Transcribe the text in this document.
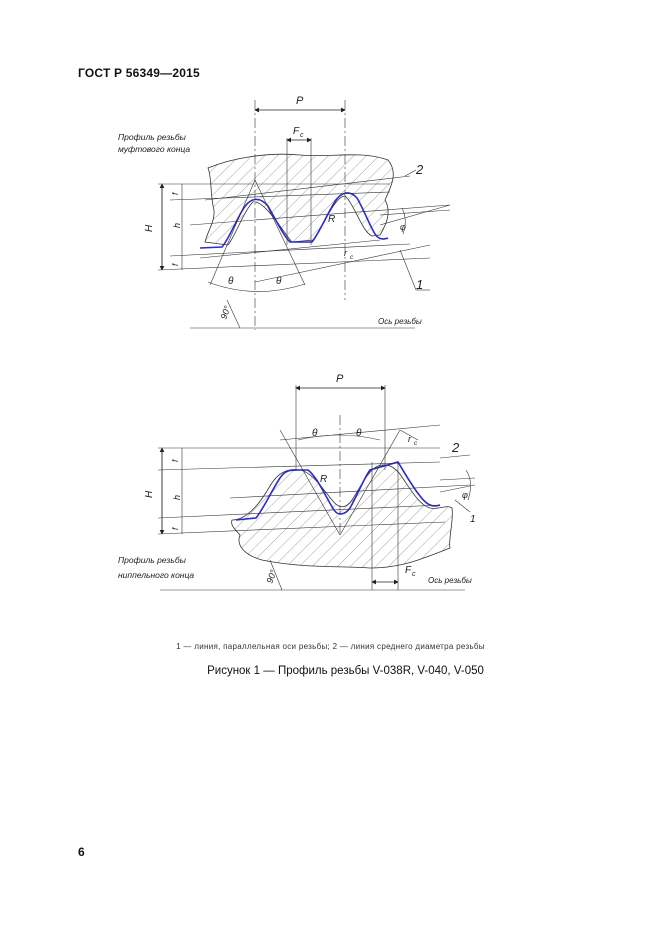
ГОСТ Р 56349—2015
Профиль резьбы
муфтового конца
P
F c
H h
f
f
R
r c
θ	θ
90°
φ
2
1
Ось резьбы
P
θ	θ	r c	2
R
φ
1
H h
f
f
Профиль резьбы
ниппельного конца	90°	F c
Ось резьбы
1 — линия, параллельная оси резьбы; 2 — линия среднего диаметра резьбы
Рисунок 1 — Профиль резьбы V-038R, V-040, V-050
6
